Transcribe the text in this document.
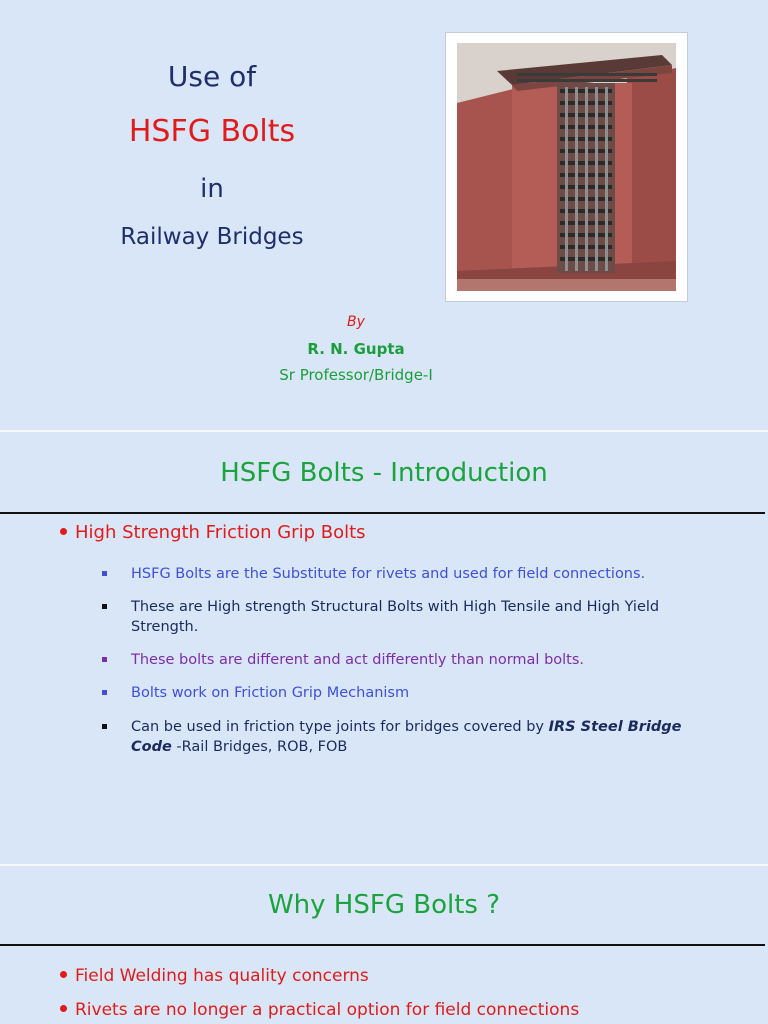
Use of
HSFG Bolts
in
Railway Bridges
By
R. N. Gupta
Sr Professor/Bridge-I
HSFG Bolts - Introduction
High Strength Friction Grip Bolts
HSFG Bolts are the Substitute for rivets and used for field connections.
These are High strength Structural Bolts with High Tensile and High Yield Strength.
These bolts are different and act differently than normal bolts.
Bolts work on Friction Grip Mechanism
Can be used in friction type joints for bridges covered by IRS Steel Bridge Code -Rail Bridges, ROB, FOB
Why HSFG Bolts ?
Field Welding has quality concerns
Rivets are no longer a practical option for field connections
